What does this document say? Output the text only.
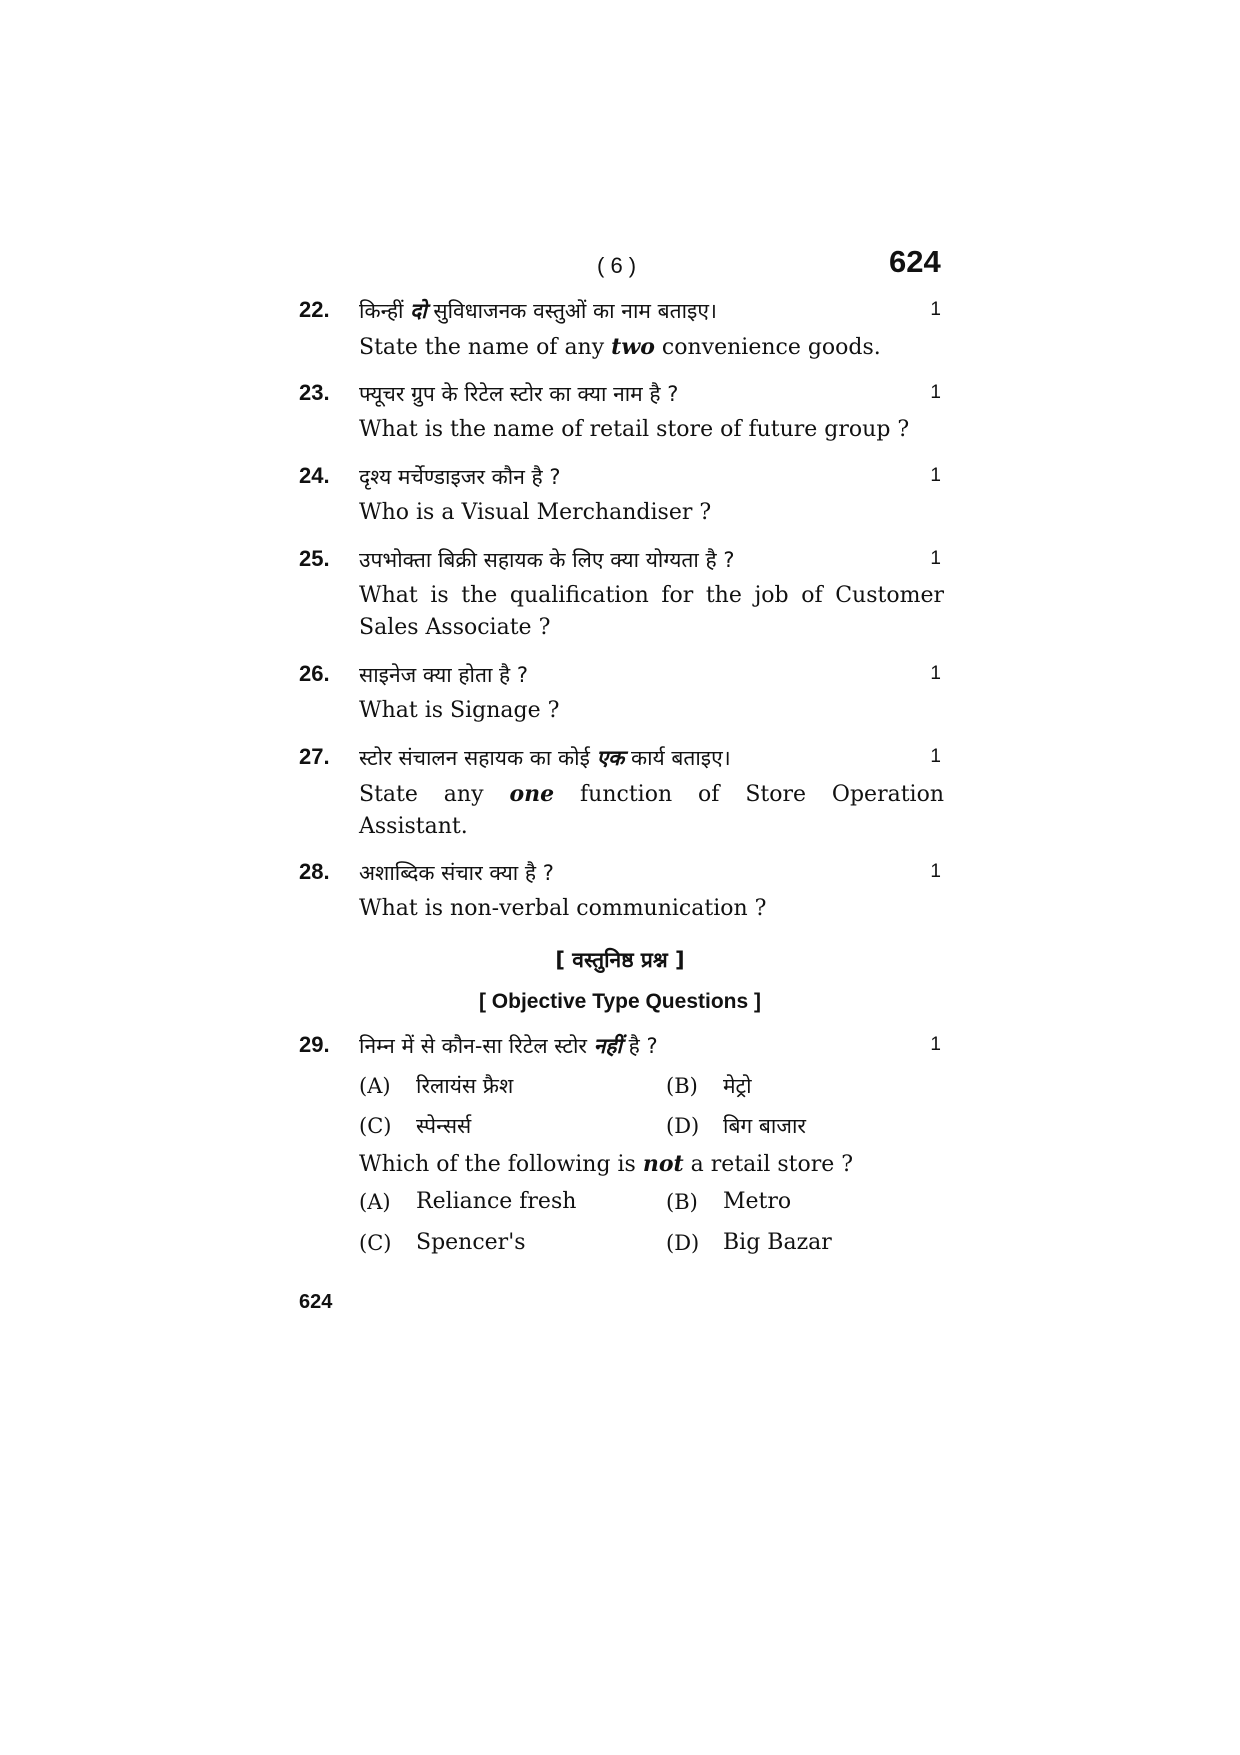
( 6 )	624
22.	किन्हीं दो सुविधाजनक वस्तुओं का नाम बताइए।	1
State the name of any two convenience goods.
23.	फ्यूचर ग्रुप के रिटेल स्टोर का क्या नाम है ?	1
What is the name of retail store of future group ?
24.	दृश्य मर्चेण्डाइजर कौन है ?	1
Who is a Visual Merchandiser ?
25.	उपभोक्ता बिक्री सहायक के लिए क्या योग्यता है ?	1
What is the qualification for the job of Customer
Sales Associate ?
26.	साइनेज क्या होता है ?	1
What is Signage ?
27.	स्टोर संचालन सहायक का कोई एक कार्य बताइए।	1
State any one function of Store Operation
Assistant.
28.	अशाब्दिक संचार क्या है ?	1
What is non-verbal communication ?
[ वस्तुनिष्ठ प्रश्न ]
[ Objective Type Questions ]
29.	निम्न में से कौन-सा रिटेल स्टोर नहीं है ?	1
(A) रिलायंस फ्रैश	(B) मेट्रो
(C) स्पेन्सर्स	(D) बिग बाजार
Which of the following is not a retail store ?
(A) Reliance fresh	(B) Metro
(C) Spencer's	(D) Big Bazar
624
